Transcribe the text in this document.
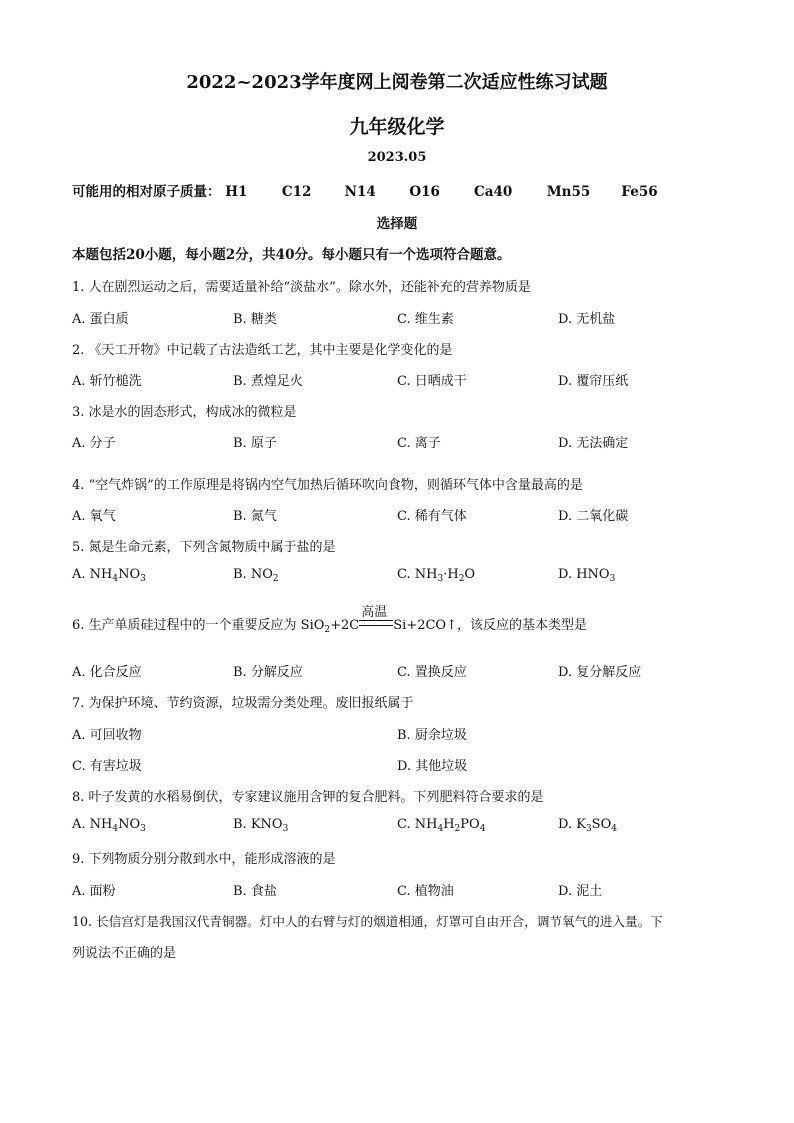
2022~2023学年度网上阅卷第二次适应性练习试题
九年级化学
2023.05
可能用的相对原子质量： H1	C12 N14 O16	Ca40	Mn55 Fe56
选择题
本题包括20小题，每小题2分，共40分。每小题只有一个选项符合题意。
1. 人在剧烈运动之后，需要适量补给“淡盐水”。除水外，还能补充的营养物质是
A. 蛋白质	B. 糖类	C. 维生素	D. 无机盐
2. 《天工开物》中记载了古法造纸工艺，其中主要是化学变化的是
A. 斩竹槌洗	B. 煮煌足火	C. 日晒成干	D. 覆帘压纸
3. 冰是水的固态形式，构成冰的微粒是
A. 分子	B. 原子	C. 离子	D. 无法确定
4. “空气炸锅”的工作原理是将锅内空气加热后循环吹向食物，则循环气体中含量最高的是
A. 氧气	B. 氮气	C. 稀有气体	D. 二氧化碳
5. 氮是生命元素，下列含氮物质中属于盐的是
A. $NH_4NO_3$	B. $NO_2$	C. $NH_3\cdot H_2O$	D. $HNO_3$
6. 生产单质硅过程中的一个重要反应为 SiO$_2$+2C
高温
Si+2CO↑，该反应的基本类型是
A. 化合反应	B. 分解反应	C. 置换反应	D. 复分解反应
7. 为保护环境、节约资源，垃圾需分类处理。废旧报纸属于
A. 可回收物	B. 厨余垃圾
C. 有害垃圾	D. 其他垃圾
8. 叶子发黄的水稻易倒伏，专家建议施用含钾的复合肥料。下列肥料符合要求的是
A. $NH_4NO_3$	B. $KNO_3$	C. $NH_4H_2PO_4$	D. $K_3SO_4$
9. 下列物质分别分散到水中，能形成溶液的是
A. 面粉	B. 食盐	C. 植物油	D. 泥土
10. 长信宫灯是我国汉代青铜器。灯中人的右臂与灯的烟道相通，灯罩可自由开合，调节氧气的进入量。下
列说法不正确的是
